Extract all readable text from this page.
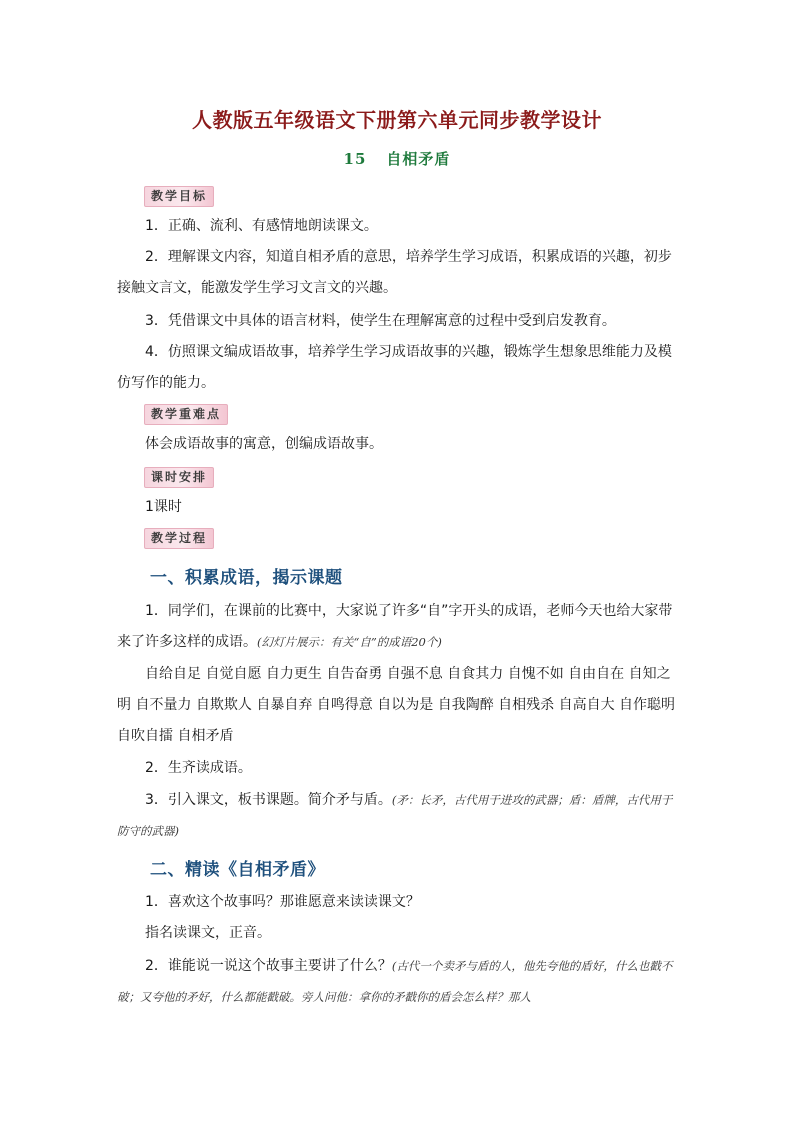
人教版五年级语文下册第六单元同步教学设计
15 自相矛盾
教学目标

1．正确、流利、有感情地朗读课文。

2．理解课文内容，知道自相矛盾的意思，培养学生学习成语，积累成语的兴趣，初步接触文言文，能激发学生学习文言文的兴趣。

3．凭借课文中具体的语言材料，使学生在理解寓意的过程中受到启发教育。

4．仿照课文编成语故事，培养学生学习成语故事的兴趣，锻炼学生想象思维能力及模仿写作的能力。

教学重难点

体会成语故事的寓意，创编成语故事。

课时安排

1课时

教学过程
一、积累成语，揭示课题

1．同学们，在课前的比赛中，大家说了许多“自”字开头的成语，老师今天也给大家带来了许多这样的成语。(幻灯片展示：有关“自”的成语20个)

自给自足 自觉自愿 自力更生 自告奋勇 自强不息 自食其力 自愧不如 自由自在 自知之明 自不量力 自欺欺人 自暴自弃 自鸣得意 自以为是 自我陶醉 自相残杀 自高自大 自作聪明 自吹自擂 自相矛盾

2．生齐读成语。

3．引入课文，板书课题。简介矛与盾。(矛：长矛，古代用于进攻的武器；盾：盾牌，古代用于防守的武器)

二、精读《自相矛盾》

1．喜欢这个故事吗？那谁愿意来读读课文？

指名读课文，正音。

2．谁能说一说这个故事主要讲了什么？(古代一个卖矛与盾的人，他先夸他的盾好，什么也戳不破；又夸他的矛好，什么都能戳破。旁人问他：拿你的矛戳你的盾会怎么样？那人
